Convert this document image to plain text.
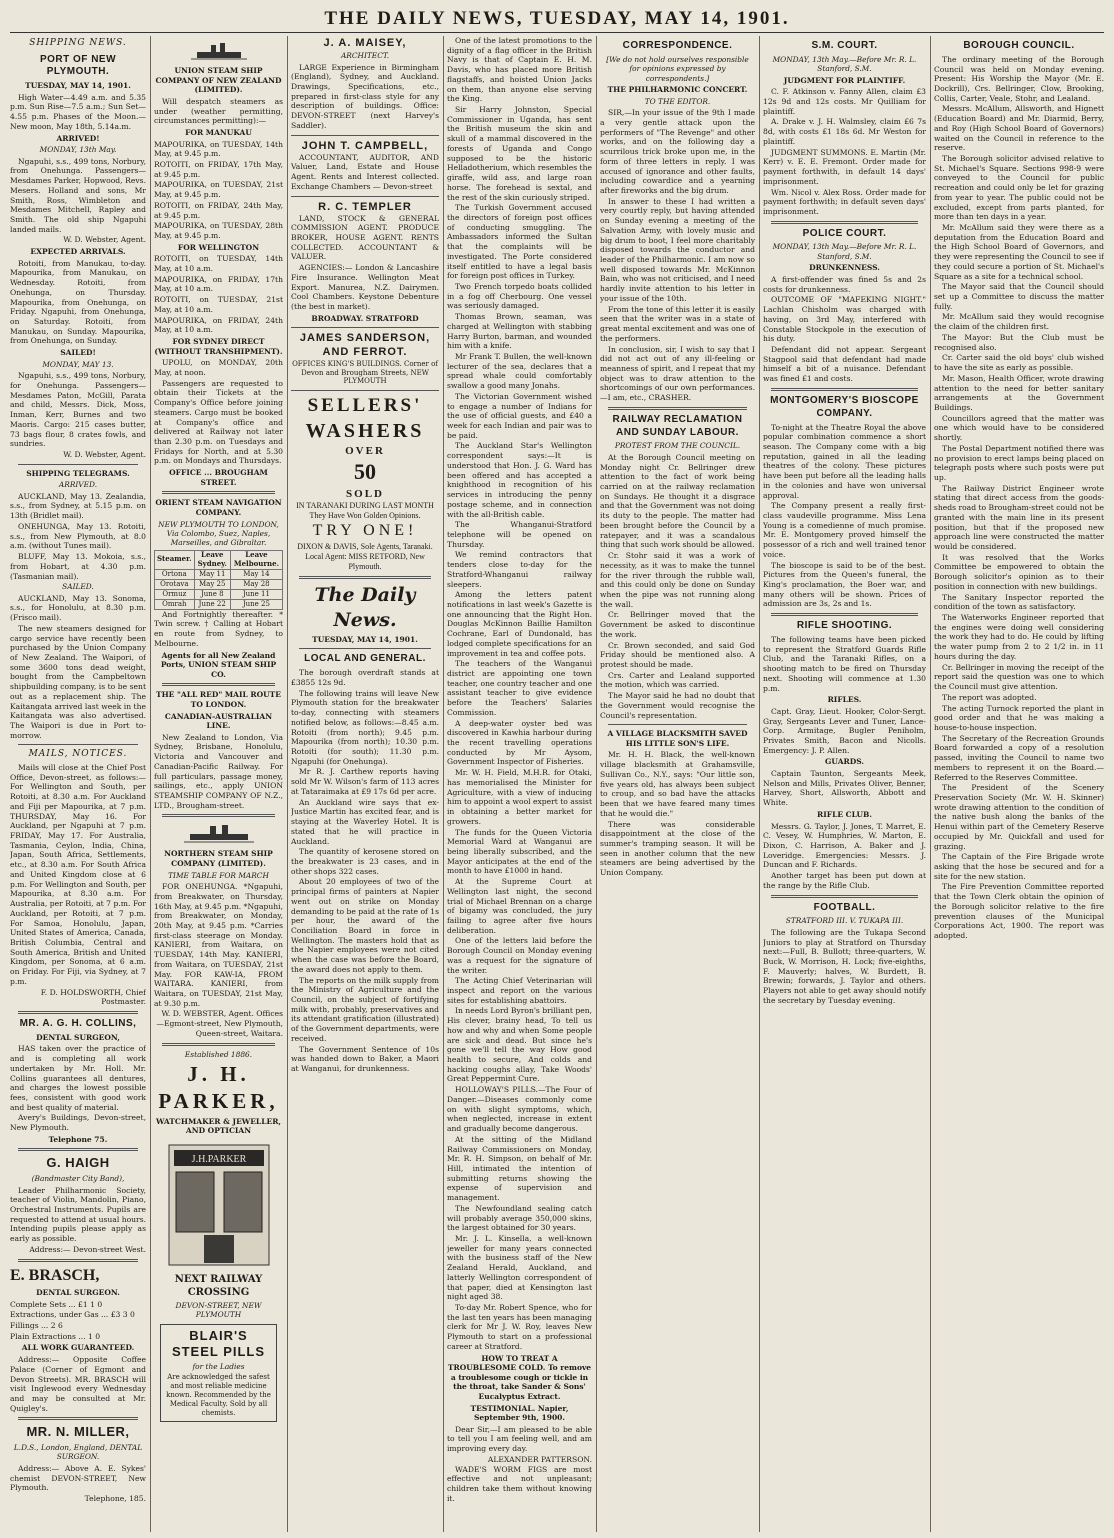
THE DAILY NEWS, TUESDAY, MAY 14, 1901.
SHIPPING NEWS.
PORT OF NEW PLYMOUTH.
TUESDAY, MAY 14, 1901.

High Water—4.49 a.m. and 5.35 p.m. Sun Rise—7.5 a.m.; Sun Set—4.55 p.m. Phases of the Moon.—New moon, May 18th, 5.14a.m.

ARRIVED!
MONDAY, 13th May.

Ngapuhi, s.s., 499 tons, Norbury, from Onehunga. Passengers—Mesdames Parker, Hopwood, Revs. Mesers. Holland and sons, Mr Smith, Ross, Wimbleton and Mesdames Mitchell, Rapley and Smith. The old ship Ngapuhi landed mails.

W. D. Webster, Agent.
EXPECTED ARRIVALS.

Rotoiti, from Manukau, to-day. Mapourika, from Manukau, on Wednesday. Rotoiti, from Onehunga, on Thursday. Mapourika, from Onehunga, on Friday. Ngapuhi, from Onehunga, on Saturday. Rotoiti, from Manukau, on Sunday. Mapourika, from Onehunga, on Sunday.

SAILED!
MONDAY, MAY 13.

Ngapuhi, s.s., 499 tons, Norbury, for Onehunga. Passengers—Mesdames Paton, McGill, Parata and child, Messrs. Dick, Moss, Inman, Kerr, Burnes and two Maoris. Cargo: 215 cases butter, 73 bags flour, 8 crates fowls, and sundries.

W. D. Webster, Agent.
SHIPPING TELEGRAMS.
ARRIVED.

AUCKLAND, May 13. Zealandia, s.s., from Sydney, at 5.15 p.m. on 13th (Bridlet mail).

ONEHUNGA, May 13. Rotoiti, s.s., from New Plymouth, at 8.0 a.m. (without Tunes mail).

BLUFF, May 13. Mokoia, s.s., from Hobart, at 4.30 p.m. (Tasmanian mail).

SAILED.

AUCKLAND, May 13. Sonoma, s.s., for Honolulu, at 8.30 p.m. (Frisco mail).

The new steamers designed for cargo service have recently been purchased by the Union Company of New Zealand. The Waipori, of some 3600 tons dead weight, bought from the Campbeltown shipbuilding company, is to be sent out as a replacement ship. The Kaitangata arrived last week in the Kaitangata was also advertised. The Waipori is due in Port to-morrow.

MAILS, NOTICES.

Mails will close at the Chief Post Office, Devon-street, as follows:— For Wellington and South, per Rotoiti, at 8.30 a.m. For Auckland and Fiji per Mapourika, at 7 p.m. THURSDAY, May 16. For Auckland, per Ngapuhi at 7 p.m. FRIDAY, May 17. For Australia, Tasmania, Ceylon, India, China, Japan, South Africa, Settlements, etc., at 8.30 a.m. For South Africa and United Kingdom close at 6 p.m. For Wellington and South, per Mapourika, at 8.30 a.m. For Australia, per Rotoiti, at 7 p.m. For Auckland, per Rotoiti, at 7 p.m. For Samoa, Honolulu, Japan, United States of America, Canada, British Columbia, Central and South America, British and United Kingdom, per Sonoma, at 6 a.m. on Friday. For Fiji, via Sydney, at 7 p.m.

F. D. HOLDSWORTH, Chief Postmaster.
MR. A. G. H. COLLINS,
DENTAL SURGEON,

HAS taken over the practice of and is completing all work undertaken by Mr. Holl. Mr. Collins guarantees all dentures, and charges the lowest possible fees, consistent with good work and best quality of material.

Avery's Buildings, Devon-street, New Plymouth.

Telephone 75.
G. HAIGH
(Bandmaster City Band),

Leader Philharmonic Society, teacher of Violin, Mandolin, Piano, Orchestral Instruments. Pupils are requested to attend at usual hours. Intending pupils please apply as early as possible.

Address:— Devon-street West.
E. BRASCH,
DENTAL SURGEON.
Complete Sets ... £1 1 0
Extractions, under Gas ... £3 3 0
Fillings ... 2 6
Plain Extractions ... 1 0
ALL WORK GUARANTEED.

Address:— Opposite Coffee Palace (Corner of Egmont and Devon Streets). MR. BRASCH will visit Inglewood every Wednesday and may be consulted at Mr. Quigley's.

MR. N. MILLER,
L.D.S., London, England, DENTAL SURGEON.

Address:— Above A. E. Sykes' chemist DEVON-STREET, New Plymouth.

Telephone, 185.
UNION STEAM SHIP COMPANY OF NEW ZEALAND (LIMITED).

Will despatch steamers as under (weather permitting, circumstances permitting):—

FOR MANUKAU
MAPOURIKA, on TUESDAY, 14th May, at 9.45 p.m.
ROTOITI, on FRIDAY, 17th May, at 9.45 p.m.
MAPOURIKA, on TUESDAY, 21st May, at 9.45 p.m.
ROTOITI, on FRIDAY, 24th May, at 9.45 p.m.
MAPOURIKA, on TUESDAY, 28th May, at 9.45 p.m.
FOR WELLINGTON
ROTOITI, on TUESDAY, 14th May, at 10 a.m.
MAPOURIKA, on FRIDAY, 17th May, at 10 a.m.
ROTOITI, on TUESDAY, 21st May, at 10 a.m.
MAPOURIKA, on FRIDAY, 24th May, at 10 a.m.
FOR SYDNEY DIRECT (WITHOUT TRANSHIPMENT).

UPOLU, on MONDAY, 20th May, at noon.

Passengers are requested to obtain their Tickets at the Company's Office before joining steamers. Cargo must be booked at Company's office and delivered at Railway not later than 2.30 p.m. on Tuesdays and Fridays for North, and at 5.30 p.m. on Mondays and Thursdays.

OFFICE ... BROUGHAM STREET.
ORIENT STEAM NAVIGATION COMPANY.
NEW PLYMOUTH TO LONDON, Via Colombo, Suez, Naples, Marseilles, and Gibraltar.
Steamer.	Leave Sydney.	Leave Melbourne.
Ortona	May 11	May 14
Orotava	May 25	May 28
Ormuz	June 8	June 11
Omrah	June 22	June 25

And Fortnightly thereafter. * Twin screw. † Calling at Hobart en route from Sydney, to Melbourne.

Agents for all New Zealand Ports, UNION STEAM SHIP CO.
THE "ALL RED" MAIL ROUTE TO LONDON.
CANADIAN-AUSTRALIAN LINE.

New Zealand to London, Via Sydney, Brisbane, Honolulu, Victoria and Vancouver and Canadian-Pacific Railway. For full particulars, passage money, sailings, etc., apply UNION STEAMSHIP COMPANY OF N.Z., LTD., Brougham-street.

NORTHERN STEAM SHIP COMPANY (LIMITED).
TIME TABLE FOR MARCH

FOR ONEHUNGA. *Ngapuhi, from Breakwater, on Thursday, 16th May, at 9.45 p.m. *Ngapuhi, from Breakwater, on Monday, 20th May, at 9.45 p.m. *Carries first-class steerage on Monday. KANIERI, from Waitara, on TUESDAY, 14th May. KANIERI, from Waitara, on TUESDAY, 21st May. FOR KAW-IA, FROM WAITARA. KANIERI, from Waitara, on TUESDAY, 21st May, at 9.30 p.m.

W. D. WEBSTER, Agent. Offices—Egmont-street, New Plymouth, Queen-street, Waitara.
Established 1886.
J. H. PARKER,
WATCHMAKER & JEWELLER, AND OPTICIAN
J.H.PARKER
NEXT RAILWAY CROSSING
DEVON-STREET, NEW PLYMOUTH
BLAIR'S STEEL PILLS
for the Ladies
Are acknowledged the safest and most reliable medicine known. Recommended by the Medical Faculty. Sold by all chemists.
J. A. MAISEY,
ARCHITECT.

LARGE Experience in Birmingham (England), Sydney, and Auckland. Drawings, Specifications, etc., prepared in first-class style for any description of buildings. Office: DEVON-STREET (next Harvey's Saddler).

JOHN T. CAMPBELL,

ACCOUNTANT, AUDITOR, AND Valuer, Land, Estate and House Agent. Rents and Interest collected. Exchange Chambers — Devon-street

R. C. TEMPLER

LAND, STOCK & GENERAL COMMISSION AGENT. PRODUCE BROKER, HOUSE AGENT. RENTS COLLECTED. ACCOUNTANT & VALUER.

AGENCIES:— London & Lancashire Fire Insurance. Wellington Meat Export. Manurea, N.Z. Dairymen. Cool Chambers. Keystone Debenture (the best in market).

BROADWAY. STRATFORD
JAMES SANDERSON, AND FERROT.
OFFICES KING'S BUILDINGS. Corner of Devon and Brougham Streets, NEW PLYMOUTH
SELLERS'
WASHERS
OVER
50
SOLD
IN TARANAKI DURING LAST MONTH
They Have Won Golden Opinions.
TRY ONE!
DIXON & DAVIS, Sole Agents, Taranaki.
Local Agent: MISS RETFORD, New Plymouth.
The Daily News.
TUESDAY, MAY 14, 1901.
LOCAL AND GENERAL.

The borough overdraft stands at £3855 12s 9d.

The following trains will leave New Plymouth station for the breakwater to-day, connecting with steamers notified below, as follows:—8.45 a.m. Rotoiti (from north); 9.45 p.m. Mapourika (from north); 10.30 p.m. Rotoiti (for south); 11.30 p.m. Ngapuhi (for Onehunga).

Mr R. J. Carthew reports having sold Mr W. Wilson's farm of 113 acres at Tataraimaka at £9 17s 6d per acre.

An Auckland wire says that ex-Justice Martin has excited fear, and is staying at the Waverley Hotel. It is stated that he will practice in Auckland.

The quantity of kerosene stored on the breakwater is 23 cases, and in other shops 322 cases.

About 20 employees of two of the principal firms of painters at Napier went out on strike on Monday demanding to be paid at the rate of 1s per hour, the award of the Conciliation Board in force in Wellington. The masters hold that as the Napier employees were not cited when the case was before the Board, the award does not apply to them.

The reports on the milk supply from the Ministry of Agriculture and the Council, on the subject of fortifying milk with, probably, preservatives and its attendant gratification (illustrated) of the Government departments, were received.

The Government Sentence of 10s was handed down to Baker, a Maori at Wanganui, for drunkenness.

One of the latest promotions to the dignity of a flag officer in the British Navy is that of Captain E. H. M. Davis, who has placed more British flagstaffs, and hoisted Union Jacks on them, than anyone else serving the King.

Sir Harry Johnston, Special Commissioner in Uganda, has sent the British museum the skin and skull of a mammal discovered in the forests of Uganda and Congo supposed to be the historic Helladotherium, which resembles the giraffe, wild ass, and large roan horse. The forehead is sextal, and the rest of the skin curiously striped.

The Turkish Government accused the directors of foreign post offices of conducting smuggling. The Ambassadors informed the Sultan that the complaints will be investigated. The Porte considered itself entitled to have a legal basis for foreign post offices in Turkey.

Two French torpedo boats collided in a fog off Cherbourg. One vessel was seriously damaged.

Thomas Brown, seaman, was charged at Wellington with stabbing Harry Burton, barman, and wounded him with a knife.

Mr Frank T. Bullen, the well-known lecturer of the sea, declares that a spread whale could comfortably swallow a good many Jonahs.

The Victorian Government wished to engage a number of Indians for the use of official guests, and £40 a week for each Indian and pair was to be paid.

The Auckland Star's Wellington correspondent says:—It is understood that Hon. J. G. Ward has been offered and has accepted a knighthood in recognition of his services in introducing the penny postage scheme, and in connection with the all-British cable.

The Whanganui-Stratford telephone will be opened on Thursday.

We remind contractors that tenders close to-day for the Stratford-Whanganui railway sleepers.

Among the letters patent notifications in last week's Gazette is one announcing that the Right Hon. Douglas McKinnon Baillie Hamilton Cochrane, Earl of Dundonald, has lodged complete specifications for an improvement in tea and coffee pots.

The teachers of the Wanganui district are appointing one town teacher, one country teacher and one assistant teacher to give evidence before the Teachers' Salaries Commission.

A deep-water oyster bed was discovered in Kawhia harbour during the recent travelling operations conducted by Mr Aysom, Government Inspector of Fisheries.

Mr. W. H. Field, M.H.R. for Otaki, has memorialised the Minister for Agriculture, with a view of inducing him to appoint a wool expert to assist in obtaining a better market for growers.

The funds for the Queen Victoria Memorial Ward at Wanganui are being liberally subscribed, and the Mayor anticipates at the end of the month to have £1000 in hand.

At the Supreme Court at Wellington last night, the second trial of Michael Brennan on a charge of bigamy was concluded, the jury failing to agree after five hours deliberation.

One of the letters laid before the Borough Council on Monday evening was a request for the signature of the writer.

The Acting Chief Veterinarian will inspect and report on the various sites for establishing abattoirs.

In needs Lord Byron's brilliant pen, His clever, brainy head, To tell us how and why and when Some people are sick and dead. But since he's gone we'll tell the way How good health to secure, And colds and hacking coughs allay, Take Woods' Great Peppermint Cure.

HOLLOWAY'S PILLS.—The Four of Danger.—Diseases commonly come on with slight symptoms, which, when neglected, increase in extent and gradually become dangerous.

At the sitting of the Midland Railway Commissioners on Monday, Mr. R. H. Simpson, on behalf of Mr. Hill, intimated the intention of submitting returns showing the expense of supervision and management.

The Newfoundland sealing catch will probably average 350,000 skins, the largest obtained for 30 years.

Mr. J. L. Kinsella, a well-known jeweller for many years connected with the business staff of the New Zealand Herald, Auckland, and latterly Wellington correspondent of that paper, died at Kensington last night aged 38.

To-day Mr. Robert Spence, who for the last ten years has been managing clerk for Mr J. W. Roy, leaves New Plymouth to start on a professional career at Stratford.

HOW TO TREAT A TROUBLESOME COLD. To remove a troublesome cough or tickle in the throat, take Sander & Sons' Eucalyptus Extract.
TESTIMONIAL. Napier, September 9th, 1900.

Dear Sir,—I am pleased to be able to tell you I am feeling well, and am improving every day.

ALEXANDER PATTERSON.

WADE'S WORM FIGS are most effective and not unpleasant; children take them without knowing it.

CORRESPONDENCE.
[We do not hold ourselves responsible for opinions expressed by correspondents.]
THE PHILHARMONIC CONCERT.
TO THE EDITOR.

SIR,—In your issue of the 9th I made a very gentle attack upon the performers of "The Revenge" and other works, and on the following day a scurrilous trick broke upon me, in the form of three letters in reply. I was accused of ignorance and other faults, including cowardice and a yearning after fireworks and the big drum.

In answer to these I had written a very courtly reply, but having attended on Sunday evening a meeting of the Salvation Army, with lovely music and big drum to boot, I feel more charitably disposed towards the conductor and leader of the Philharmonic. I am now so well disposed towards Mr. McKinnon Bain, who was not criticised, and I need hardly invite attention to his letter in your issue of the 10th.

From the tone of this letter it is easily seen that the writer was in a state of great mental excitement and was one of the performers.

In conclusion, sir, I wish to say that I did not act out of any ill-feeling or meanness of spirit, and I repeat that my object was to draw attention to the shortcomings of our own performances.—I am, etc., CRASHER.

RAILWAY RECLAMATION AND SUNDAY LABOUR.
PROTEST FROM THE COUNCIL.

At the Borough Council meeting on Monday night Cr. Bellringer drew attention to the fact of work being carried on at the railway reclamation on Sundays. He thought it a disgrace and that the Government was not doing its duty to the people. The matter had been brought before the Council by a ratepayer, and it was a scandalous thing that such work should be allowed.

Cr. Stohr said it was a work of necessity, as it was to make the tunnel for the river through the rubble wall, and this could only be done on Sunday when the pipe was not running along the wall.

Cr. Bellringer moved that the Government be asked to discontinue the work.

Cr. Brown seconded, and said God Friday should be mentioned also. A protest should be made.

Crs. Carter and Lealand supported the motion, which was carried.

The Mayor said he had no doubt that the Government would recognise the Council's representation.

A VILLAGE BLACKSMITH SAVED HIS LITTLE SON'S LIFE.

Mr. H. H. Black, the well-known village blacksmith at Grahamsville, Sullivan Co., N.Y., says: "Our little son, five years old, has always been subject to croup, and so bad have the attacks been that we have feared many times that he would die."

There was considerable disappointment at the close of the summer's tramping season. It will be seen in another column that the new steamers are being advertised by the Union Company.

S.M. COURT.
MONDAY, 13th May.—Before Mr. R. L. Stanford, S.M.
JUDGMENT FOR PLAINTIFF.

C. F. Atkinson v. Fanny Allen, claim £3 12s 9d and 12s costs. Mr Quilliam for plaintiff.

A. Drake v. J. H. Walmsley, claim £6 7s 8d, with costs £1 18s 6d. Mr Weston for plaintiff.

JUDGMENT SUMMONS. E. Martin (Mr. Kerr) v. E. E. Fremont. Order made for payment forthwith, in default 14 days' imprisonment.

Wm. Nicol v. Alex Ross. Order made for payment forthwith; in default seven days' imprisonment.

POLICE COURT.
MONDAY, 13th May.—Before Mr. R. L. Stanford, S.M.
DRUNKENNESS.

A first-offender was fined 5s and 2s costs for drunkenness.

OUTCOME OF "MAFEKING NIGHT." Lachlan Chisholm was charged with having, on 3rd May, interfered with Constable Stockpole in the execution of his duty.

Defendant did not appear. Sergeant Stagpool said that defendant had made himself a bit of a nuisance. Defendant was fined £1 and costs.

MONTGOMERY'S BIOSCOPE COMPANY.

To-night at the Theatre Royal the above popular combination commence a short season. The Company come with a big reputation, gained in all the leading theatres of the colony. These pictures have been put before all the leading halls in the colonies and have won universal approval.

The Company present a really first-class vaudeville programme. Miss Lena Young is a comedienne of much promise. Mr. E. Montgomery proved himself the possessor of a rich and well trained tenor voice.

The bioscope is said to be of the best. Pictures from the Queen's funeral, the King's proclamation, the Boer war, and many others will be shown. Prices of admission are 3s, 2s and 1s.

RIFLE SHOOTING.

The following teams have been picked to represent the Stratford Guards Rifle Club, and the Taranaki Rifles, on a shooting match to be fired on Thursday next. Shooting will commence at 1.30 p.m.

RIFLES.

Capt. Gray, Lieut. Hooker, Color-Sergt. Gray, Sergeants Lever and Tuner, Lance-Corp. Armitage, Bugler Peniholm, Privates Smith, Bacon and Nicolls. Emergency: J. P. Allen.

GUARDS.

Captain Taunton, Sergeants Meek, Nelson and Mills, Privates Oliver, Benner, Harvey, Short, Allsworth, Abbott and White.

RIFLE CLUB.

Messrs. G. Taylor, J. Jones, T. Marret, E. C. Vesey, W. Humphries, W. Marton, E. Dixon, C. Harrison, A. Baker and J. Loveridge. Emergencies: Messrs. J. Duncan and F. Richards.

Another target has been put down at the range by the Rifle Club.

FOOTBALL.
STRATFORD III. V. TUKAPA III.

The following are the Tukapa Second Juniors to play at Stratford on Thursday next:—Full, B. Bullott; three-quarters, W. Buck, W. Morrison, H. Lock; five-eighths, F. Mauverly; halves, W. Burdett, B. Brewin; forwards, J. Taylor and others. Players not able to get away should notify the secretary by Tuesday evening.

BOROUGH COUNCIL.

The ordinary meeting of the Borough Council was held on Monday evening. Present: His Worship the Mayor (Mr. E. Dockrill), Crs. Bellringer, Clow, Brooking, Collis, Carter, Veale, Stohr, and Lealand.

Messrs. McAllum, Allsworth, and Hignett (Education Board) and Mr. Diarmid, Berry, and Roy (High School Board of Governors) waited on the Council in reference to the reserve.

The Borough solicitor advised relative to St. Michael's Square. Sections 998-9 were conveyed to the Council for public recreation and could only be let for grazing from year to year. The public could not be excluded, except from parts planted, for more than ten days in a year.

Mr. McAllum said they were there as a deputation from the Education Board and the High School Board of Governors, and they were representing the Council to see if they could secure a portion of St. Michael's Square as a site for a technical school.

The Mayor said that the Council should set up a Committee to discuss the matter fully.

Mr. McAllum said they would recognise the claim of the children first.

The Mayor: But the Club must be recognised also.

Cr. Carter said the old boys' club wished to have the site as early as possible.

Mr. Mason, Health Officer, wrote drawing attention to the need for better sanitary arrangements at the Government Buildings.

Councillors agreed that the matter was one which would have to be considered shortly.

The Postal Department notified there was no provision to erect lamps being placed on telegraph posts where such posts were put up.

The Railway District Engineer wrote stating that direct access from the goods-sheds road to Brougham-street could not be granted with the main line in its present position, but that if the proposed new approach line were constructed the matter would be considered.

It was resolved that the Works Committee be empowered to obtain the Borough solicitor's opinion as to their position in connection with new buildings.

The Sanitary Inspector reported the condition of the town as satisfactory.

The Waterworks Engineer reported that the engines were doing well considering the work they had to do. He could by lifting the water pump from 2 to 2 1/2 in. in 11 hours during the day.

Cr. Bellringer in moving the receipt of the report said the question was one to which the Council must give attention.

The report was adopted.

The acting Turnock reported the plant in good order and that he was making a house-to-house inspection.

The Secretary of the Recreation Grounds Board forwarded a copy of a resolution passed, inviting the Council to name two members to represent it on the Board.—Referred to the Reserves Committee.

The President of the Scenery Preservation Society (Mr. W. H. Skinner) wrote drawing attention to the condition of the native bush along the banks of the Henui within part of the Cemetery Reserve occupied by Mr. Quickfall and used for grazing.

The Captain of the Fire Brigade wrote asking that the hose be secured and for a site for the new station.

The Fire Prevention Committee reported that the Town Clerk obtain the opinion of the Borough solicitor relative to the fire prevention clauses of the Municipal Corporations Act, 1900. The report was adopted.
